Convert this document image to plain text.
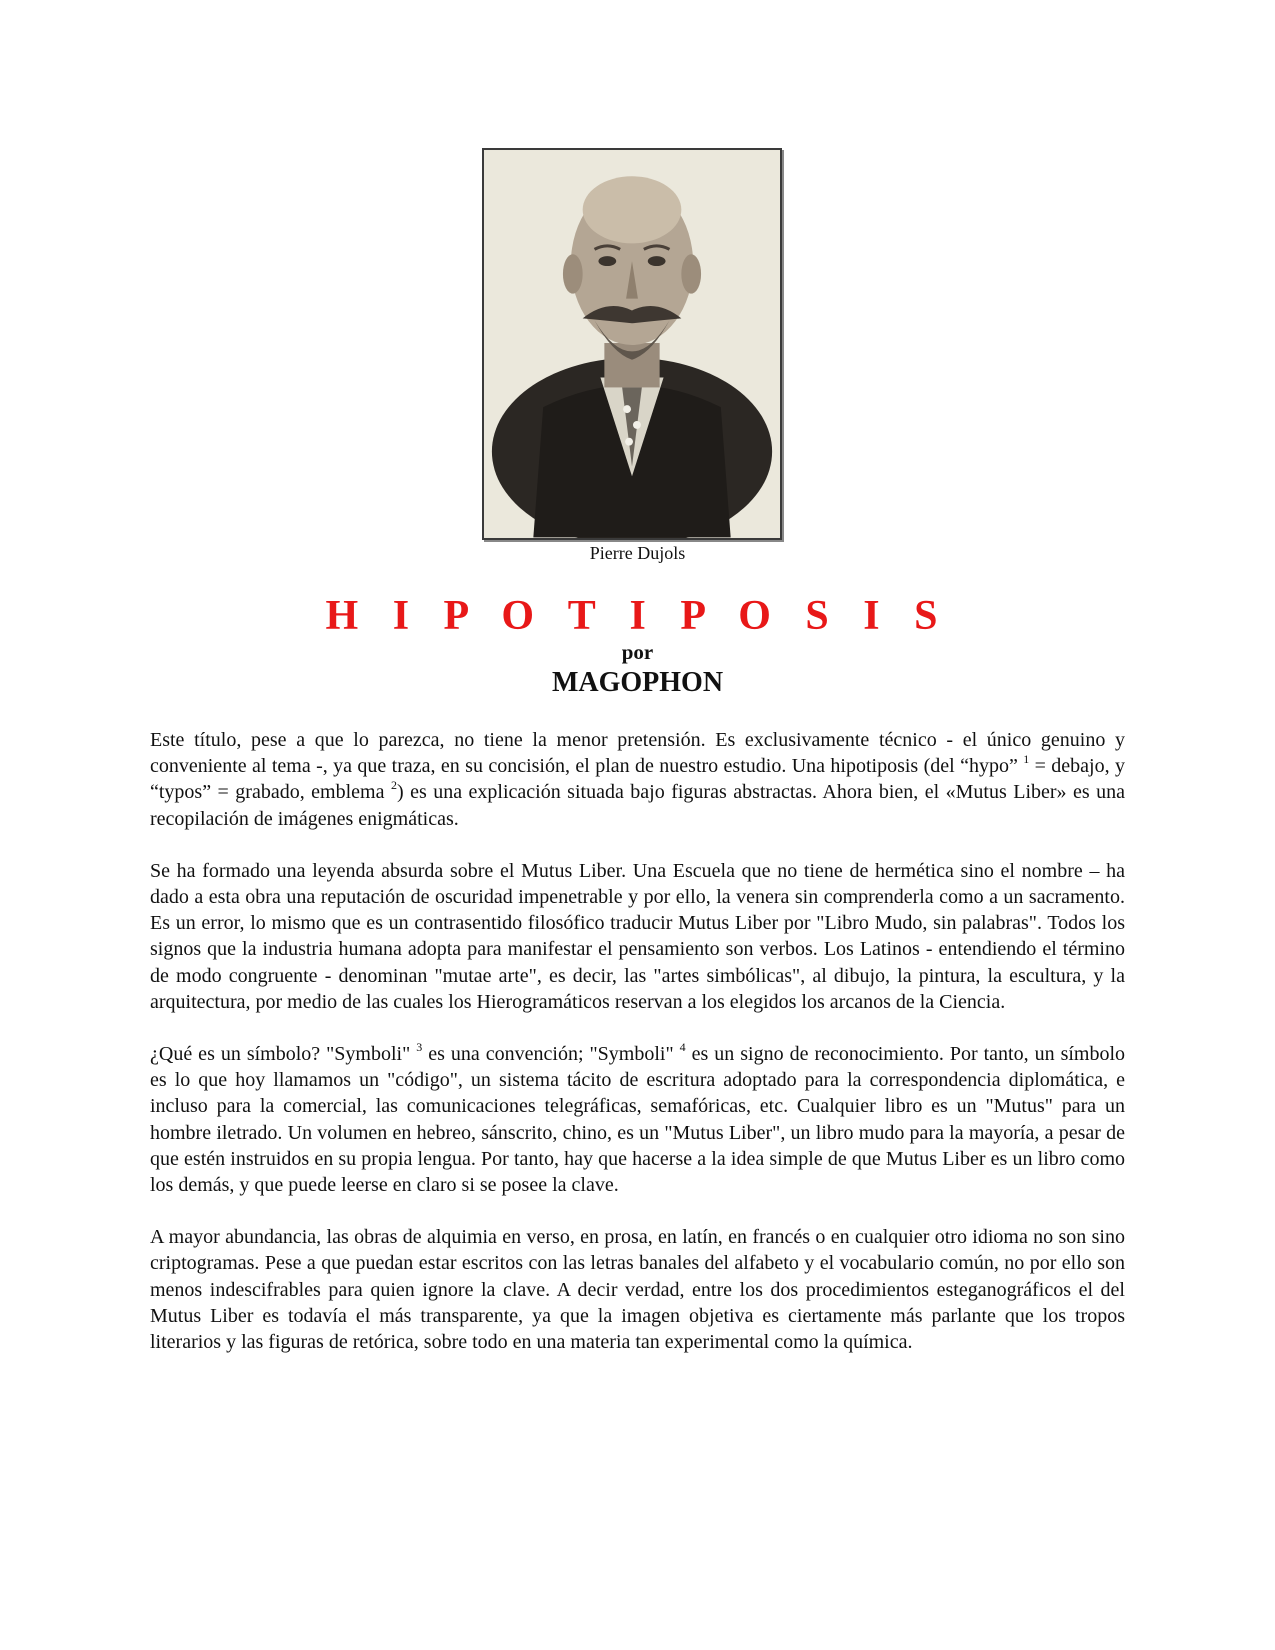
Pierre Dujols
H I P O T I P O S I S
por
MAGOPHON

Este título, pese a que lo parezca, no tiene la menor pretensión. Es exclusivamente técnico - el único genuino y conveniente al tema -, ya que traza, en su concisión, el plan de nuestro estudio. Una hipotiposis (del “hypo” $^1$ = debajo, y “typos” = grabado, emblema $^2$) es una explicación situada bajo figuras abstractas. Ahora bien, el «Mutus Liber» es una recopilación de imágenes enigmáticas.

Se ha formado una leyenda absurda sobre el Mutus Liber. Una Escuela que no tiene de hermética sino el nombre – ha dado a esta obra una reputación de oscuridad impenetrable y por ello, la venera sin comprenderla como a un sacramento. Es un error, lo mismo que es un contrasentido filosófico traducir Mutus Liber por "Libro Mudo, sin palabras". Todos los signos que la industria humana adopta para manifestar el pensamiento son verbos. Los Latinos - entendiendo el término de modo congruente - denominan "mutae arte", es decir, las "artes simbólicas", al dibujo, la pintura, la escultura, y la arquitectura, por medio de las cuales los Hierogramáticos reservan a los elegidos los arcanos de la Ciencia.

¿Qué es un símbolo? "Symboli" $^3$ es una convención; "Symboli" $^4$ es un signo de reconocimiento. Por tanto, un símbolo es lo que hoy llamamos un "código", un sistema tácito de escritura adoptado para la correspondencia diplomática, e incluso para la comercial, las comunicaciones telegráficas, semafóricas, etc. Cualquier libro es un "Mutus" para un hombre iletrado. Un volumen en hebreo, sánscrito, chino, es un "Mutus Liber", un libro mudo para la mayoría, a pesar de que estén instruidos en su propia lengua. Por tanto, hay que hacerse a la idea simple de que Mutus Liber es un libro como los demás, y que puede leerse en claro si se posee la clave.

A mayor abundancia, las obras de alquimia en verso, en prosa, en latín, en francés o en cualquier otro idioma no son sino criptogramas. Pese a que puedan estar escritos con las letras banales del alfabeto y el vocabulario común, no por ello son menos indescifrables para quien ignore la clave. A decir verdad, entre los dos procedimientos esteganográficos el del Mutus Liber es todavía el más transparente, ya que la imagen objetiva es ciertamente más parlante que los tropos literarios y las figuras de retórica, sobre todo en una materia tan experimental como la química.
